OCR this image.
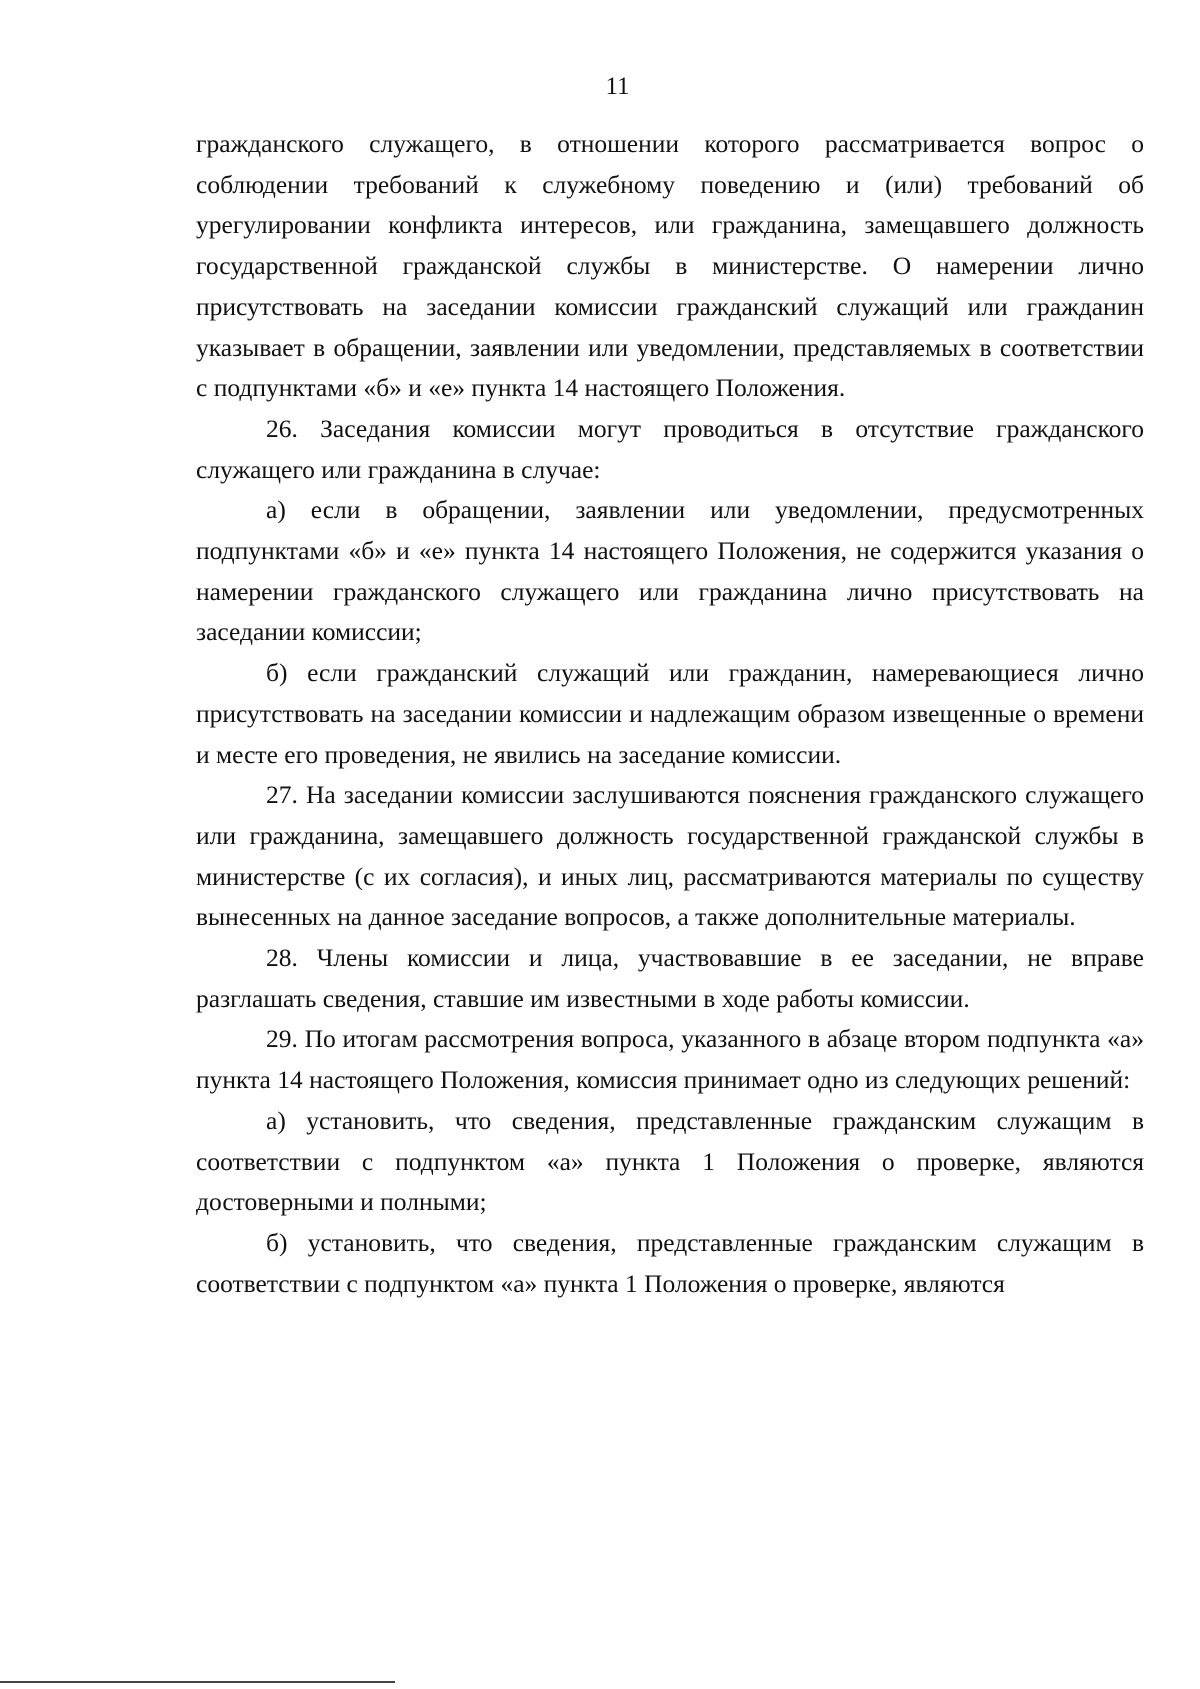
11

гражданского служащего, в отношении которого рассматривается вопрос о соблюдении требований к служебному поведению и (или) требований об урегулировании конфликта интересов, или гражданина, замещавшего должность государственной гражданской службы в министерстве. О намерении лично присутствовать на заседании комиссии гражданский служащий или гражданин указывает в обращении, заявлении или уведомлении, представляемых в соответствии с подпунктами «б» и «е» пункта 14 настоящего Положения.

26. Заседания комиссии могут проводиться в отсутствие гражданского служащего или гражданина в случае:

а) если в обращении, заявлении или уведомлении, предусмотренных подпунктами «б» и «е» пункта 14 настоящего Положения, не содержится указания о намерении гражданского служащего или гражданина лично присутствовать на заседании комиссии;

б) если гражданский служащий или гражданин, намеревающиеся лично присутствовать на заседании комиссии и надлежащим образом извещенные о времени и месте его проведения, не явились на заседание комиссии.

27. На заседании комиссии заслушиваются пояснения гражданского служащего или гражданина, замещавшего должность государственной гражданской службы в министерстве (с их согласия), и иных лиц, рассматриваются материалы по существу вынесенных на данное заседание вопросов, а также дополнительные материалы.

28. Члены комиссии и лица, участвовавшие в ее заседании, не вправе разглашать сведения, ставшие им известными в ходе работы комиссии.

29. По итогам рассмотрения вопроса, указанного в абзаце втором подпункта «а» пункта 14 настоящего Положения, комиссия принимает одно из следующих решений:

а) установить, что сведения, представленные гражданским служащим в соответствии с подпунктом «а» пункта 1 Положения о проверке, являются достоверными и полными;

б) установить, что сведения, представленные гражданским служащим в соответствии с подпунктом «а» пункта 1 Положения о проверке, являются
